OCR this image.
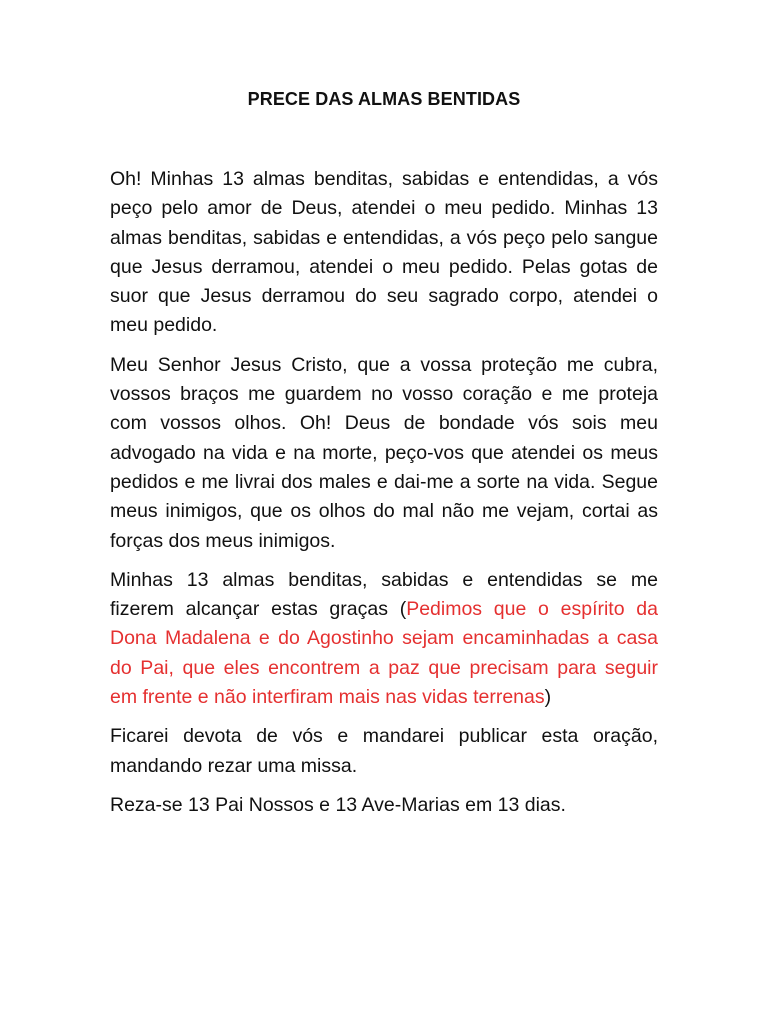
PRECE DAS ALMAS BENTIDAS

Oh! Minhas 13 almas benditas, sabidas e entendidas, a vós peço pelo amor de Deus, atendei o meu pedido. Minhas 13 almas benditas, sabidas e entendidas, a vós peço pelo sangue que Jesus derramou, atendei o meu pedido. Pelas gotas de suor que Jesus derramou do seu sagrado corpo, atendei o meu pedido.

Meu Senhor Jesus Cristo, que a vossa proteção me cubra, vossos braços me guardem no vosso coração e me proteja com vossos olhos. Oh! Deus de bondade vós sois meu advogado na vida e na morte, peço-vos que atendei os meus pedidos e me livrai dos males e dai-me a sorte na vida. Segue meus inimigos, que os olhos do mal não me vejam, cortai as forças dos meus inimigos.

Minhas 13 almas benditas, sabidas e entendidas se me fizerem alcançar estas graças (Pedimos que o espírito da Dona Madalena e do Agostinho sejam encaminhadas a casa do Pai, que eles encontrem a paz que precisam para seguir em frente e não interfiram mais nas vidas terrenas)

Ficarei devota de vós e mandarei publicar esta oração, mandando rezar uma missa.

Reza-se 13 Pai Nossos e 13 Ave-Marias em 13 dias.
